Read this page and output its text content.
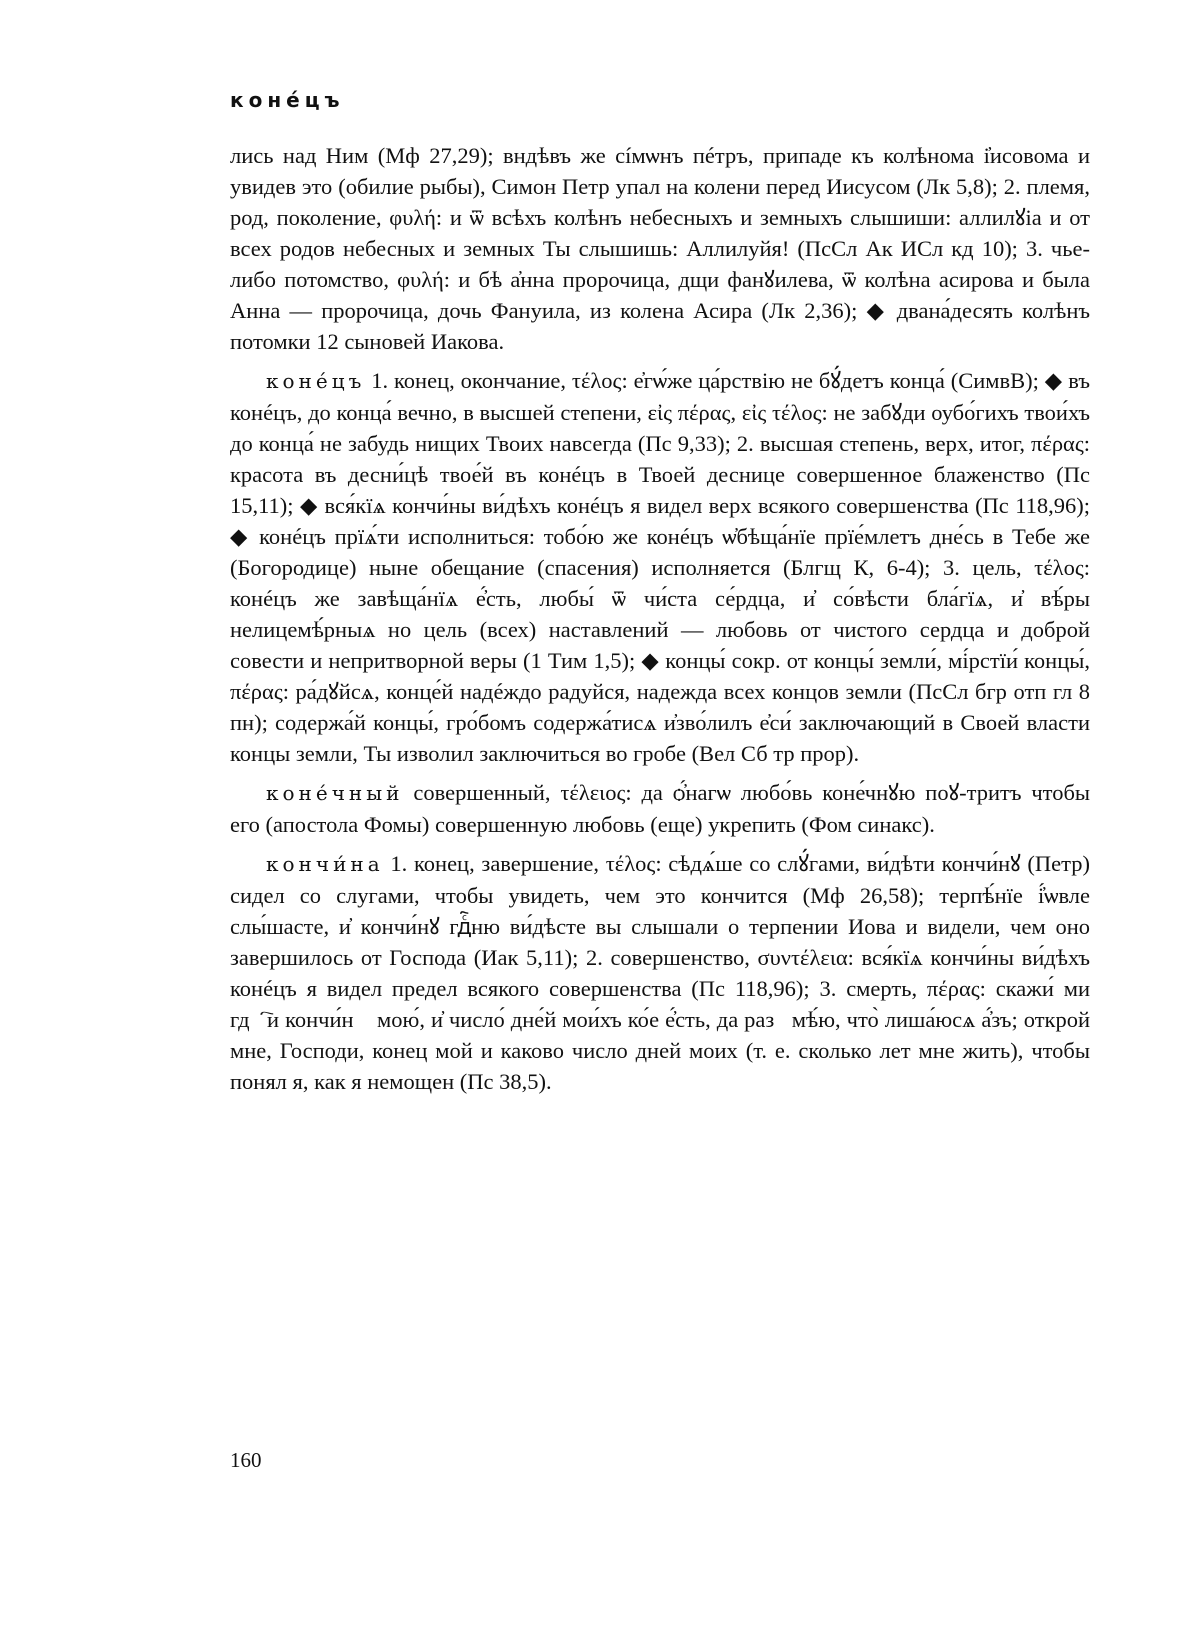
конéцъ

лись над Ним (Мф 27,29); вндѣвъ же сíмѡнъ пéтръ, припаде къ колѣнома і҆исовома и увидев это (обилие рыбы), Симон Петр упал на колени перед Иисусом (Лк 5,8); 2. племя, род, поколение, φυλή: и ѿ всѣхъ колѣнъ небесныхъ и земныхъ слышиши: аллилꙋіа и от всех родов небесных и земных Ты слышишь: Аллилуйя! (ПсСл Ак ИСл кд 10); 3. чье-либо потомство, φυλή: и бѣ а҆нна пророчица, дщи фанꙋилева, ѿ колѣна асирова и была Анна — пророчица, дочь Фануила, из колена Асира (Лк 2,36); ◆ двана́десять колѣнъ потомки 12 сыновей Иакова.

конéцъ 1. конец, окончание, τέλος: е҆гѡ́же ца́рствію не бꙋ́детъ конца́ (СимвВ); ◆ въ конéцъ, до конца́ вечно, в высшей степени, εἰς πέρας, εἰς τέλος: не забꙋди оубо́гихъ твои́хъ до конца́ не забудь нищих Твоих навсегда (Пс 9,33); 2. высшая степень, верх, итог, πέρας: красота въ десни́цѣ твое́й въ конéцъ в Твоей деснице совершенное блаженство (Пс 15,11); ◆ вся́кїѧ кончи́ны ви́дѣхъ конéцъ я видел верх всякого совершенства (Пс 118,96); ◆ конéцъ прїѧ́ти исполниться: тобо́ю же конéцъ ѡ҆бѣща́нїе прїе́млетъ дне́сь в Тебе же (Богородице) ныне обещание (спасения) исполняется (Блгщ К, 6-4); 3. цель, τέλος: конéцъ же завѣща́нїѧ е҆́сть, любы́ ѿ чи́ста се́рдца, и҆ со́вѣсти бла́гїѧ, и҆ вѣ́ры нелицемѣ́рныѧ но цель (всех) наставлений — любовь от чистого сердца и доброй совести и непритворной веры (1 Тим 1,5); ◆ концы́ сокр. от концы́ земли́, мі́рстїи́ концы́, πέρας: ра́дꙋйсѧ, конце́й надéждо радуйся, надежда всех концов земли (ПсСл бгр отп гл 8 пн); содержа́й концы́, гро́бомъ содержа́тисѧ и҆зво́лилъ е҆си́ заключающий в Своей власти концы земли, Ты изволил заключиться во гробе (Вел Сб тр прор).

коне́чный совершенный, τέλειος: да ѻ҆́нагѡ любо́вь коне́чнꙋю поꙋ-тритъ чтобы его (апостола Фомы) совершенную любовь (еще) укрепить (Фом синакс).

кончи́на 1. конец, завершение, τέλος: сѣдѧ́ше со слꙋ́гами, ви́дѣти кончи́нꙋ (Петр) сидел со слугами, чтобы увидеть, чем это кончится (Мф 26,58); терпѣ́нїе і҆́ѡвле слы́шасте, и҆ кончи́нꙋ гдⷭ҇ню ви́дѣсте вы слышали о терпении Иова и видели, чем оно завершилось от Господа (Иак 5,11); 2. совершенство, συντέλεια: вся́кїѧ кончи́ны ви́дѣхъ конéцъ я видел предел всякого совершенства (Пс 118,96); 3. смерть, πέρας: скажи́ ми гдⷭ҇и кончи́нꙋ мою́, и҆ число́ дне́й мои́хъ ко́е е҆́сть, да разꙋмѣ́ю, что̀ лиша́юсѧ а҆́зъ; открой мне, Господи, конец мой и каково число дней моих (т. е. сколько лет мне жить), чтобы понял я, как я немощен (Пс 38,5).

160
